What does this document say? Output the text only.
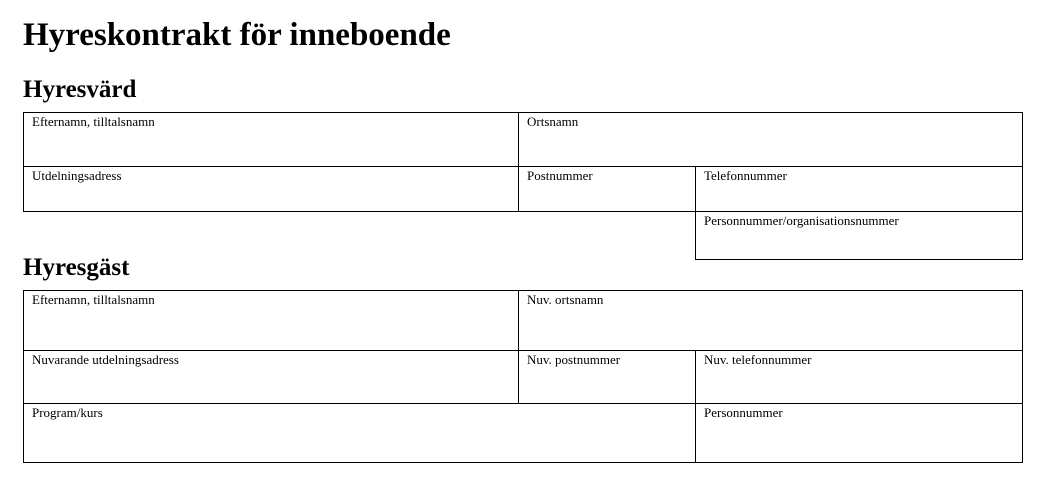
Hyreskontrakt för inneboende
Hyresvärd
Efternamn, tilltalsnamn	Ortsnamn	
Utdelningsadress	Postnummer	Telefonnummer
		Personnummer/organisationsnummer
Hyresgäst
Efternamn, tilltalsnamn	Nuv. ortsnamn	
Nuvarande utdelningsadress	Nuv. postnummer	Nuv. telefonnummer
Program/kurs		Personnummer
